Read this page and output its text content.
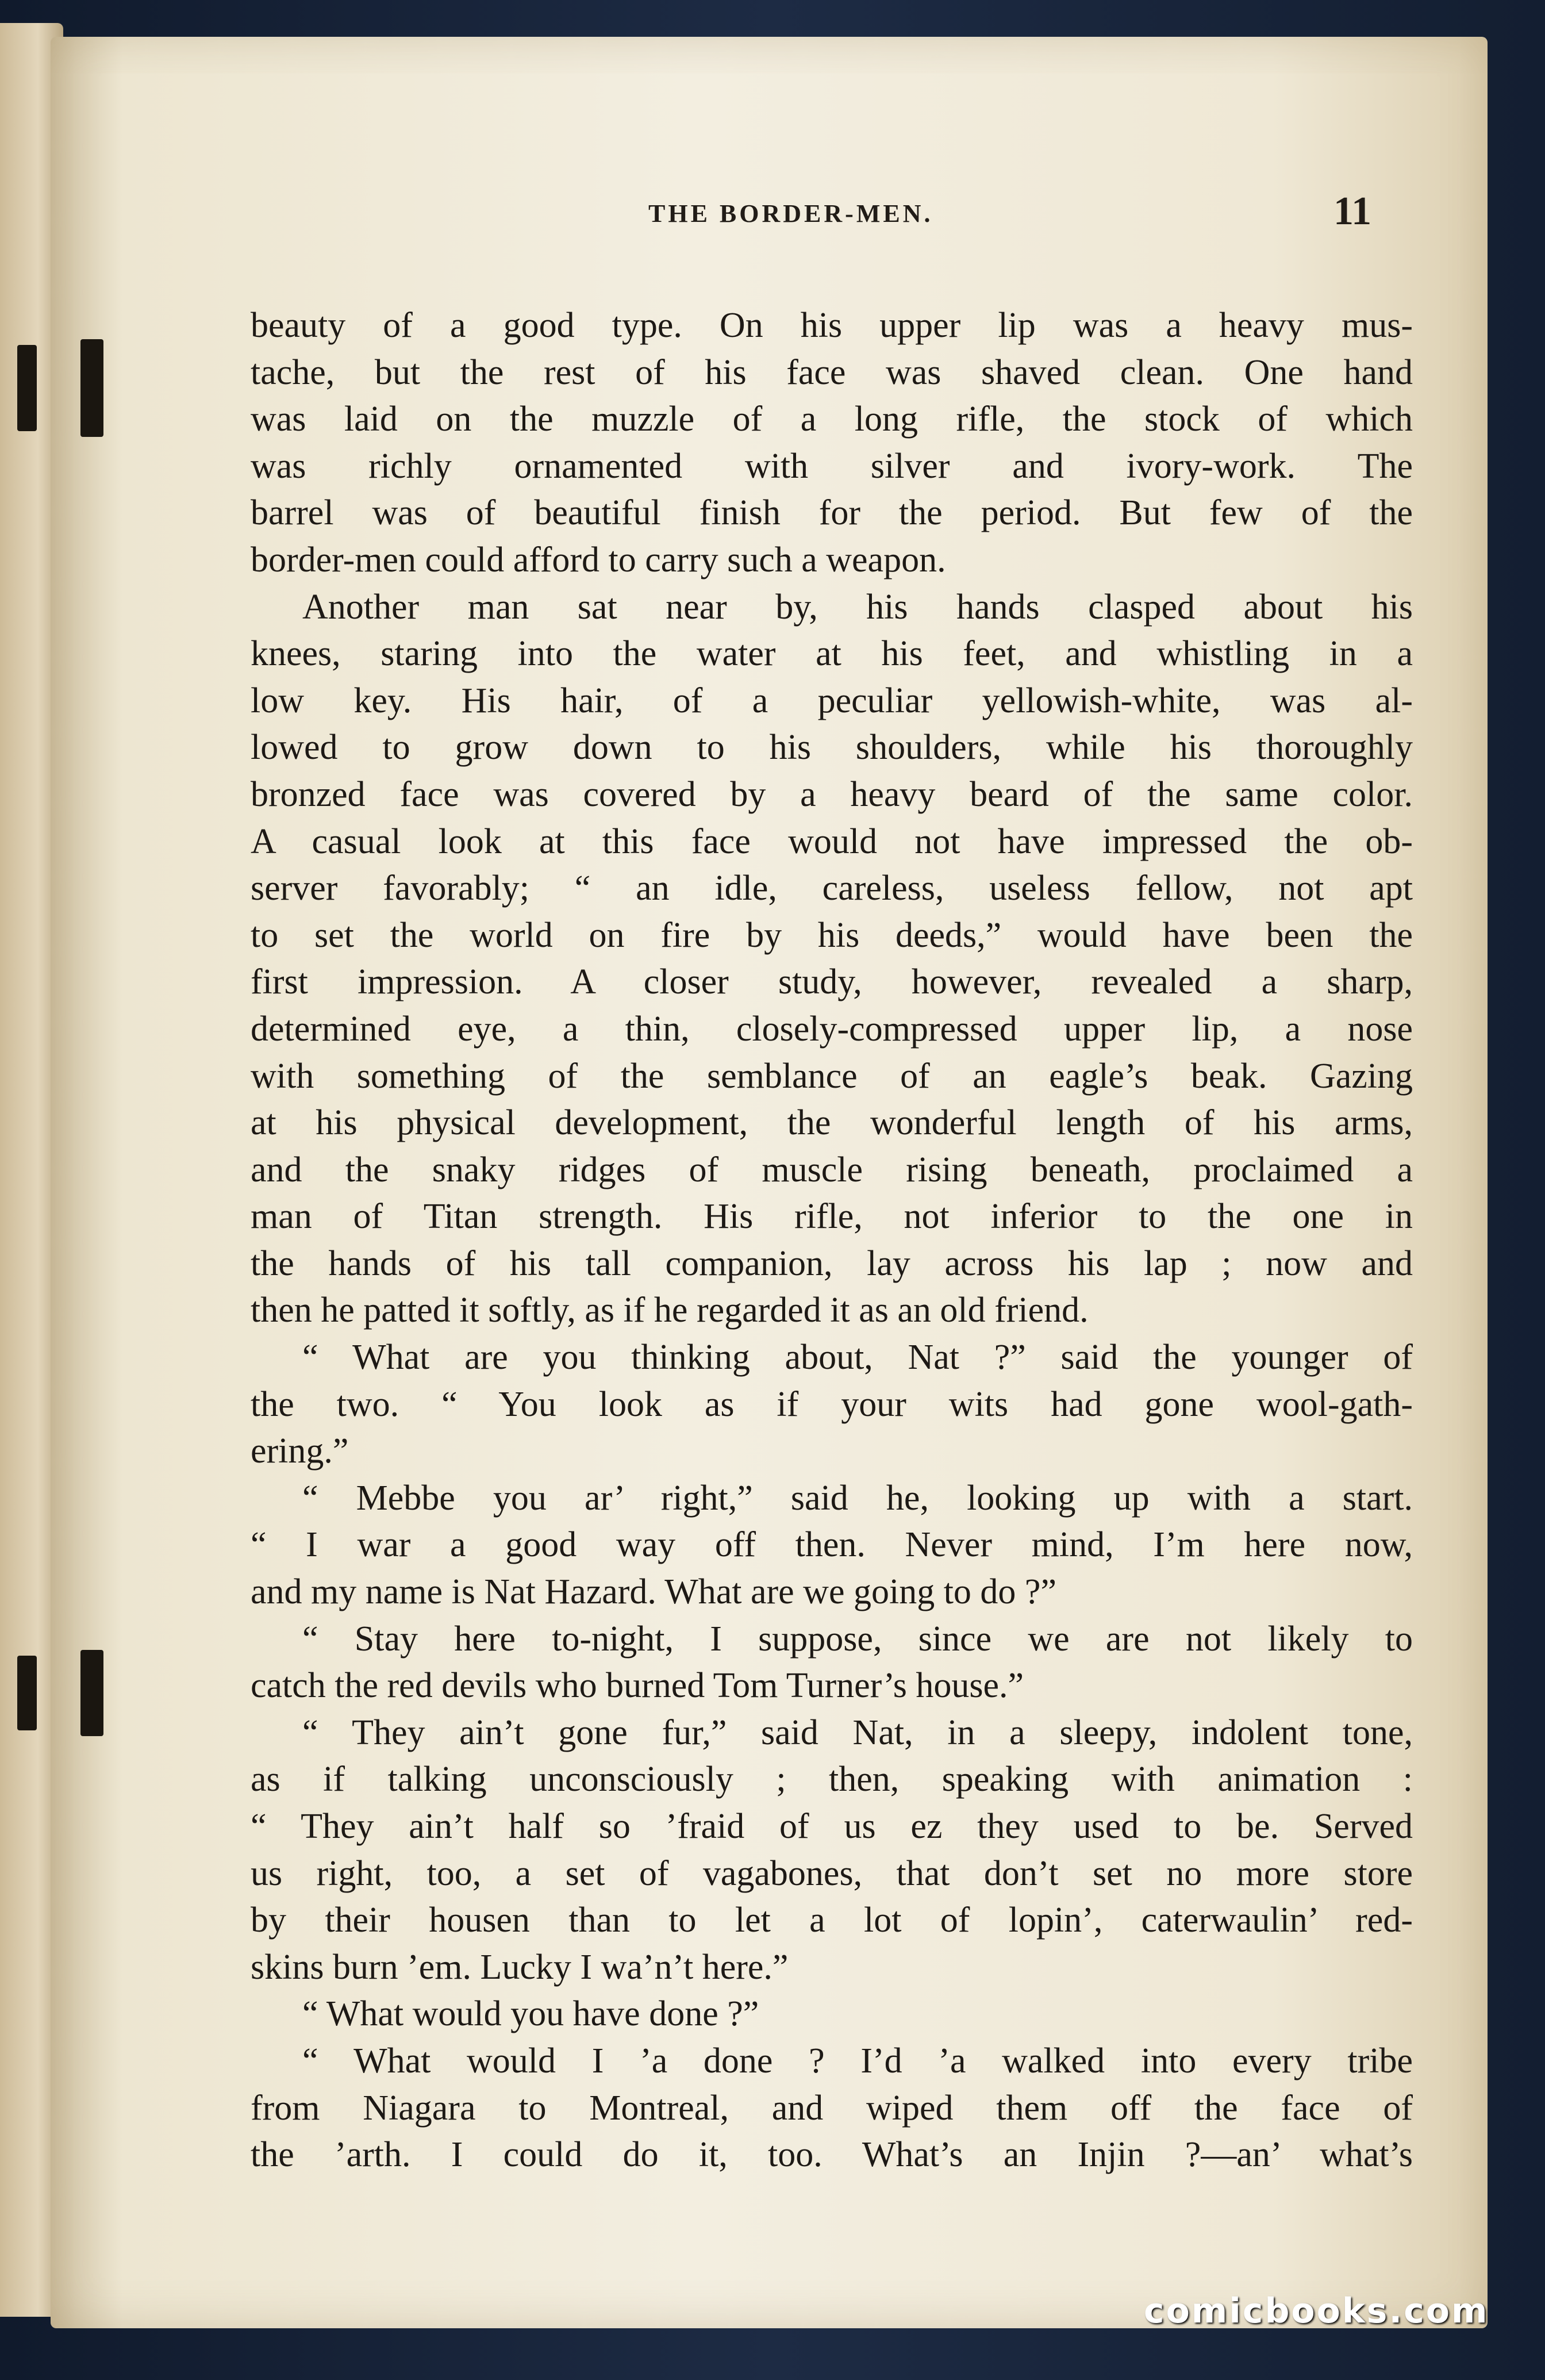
THE BORDER-MEN.	11
beauty of a good type. On his upper lip was a heavy mus-
tache, but the rest of his face was shaved clean. One hand
was laid on the muzzle of a long rifle, the stock of which
was richly ornamented with silver and ivory-work. The
barrel was of beautiful finish for the period. But few of the
border-men could afford to carry such a weapon.
Another man sat near by, his hands clasped about his
knees, staring into the water at his feet, and whistling in a
low key. His hair, of a peculiar yellowish-white, was al-
lowed to grow down to his shoulders, while his thoroughly
bronzed face was covered by a heavy beard of the same color.
A casual look at this face would not have impressed the ob-
server favorably; “ an idle, careless, useless fellow, not apt
to set the world on fire by his deeds,” would have been the
first impression. A closer study, however, revealed a sharp,
determined eye, a thin, closely-compressed upper lip, a nose
with something of the semblance of an eagle’s beak. Gazing
at his physical development, the wonderful length of his arms,
and the snaky ridges of muscle rising beneath, proclaimed a
man of Titan strength. His rifle, not inferior to the one in
the hands of his tall companion, lay across his lap ; now and
then he patted it softly, as if he regarded it as an old friend.
“ What are you thinking about, Nat ?” said the younger of
the two. “ You look as if your wits had gone wool-gath-
ering.”
“ Mebbe you ar’ right,” said he, looking up with a start.
“ I war a good way off then. Never mind, I’m here now,
and my name is Nat Hazard. What are we going to do ?”
“ Stay here to-night, I suppose, since we are not likely to
catch the red devils who burned Tom Turner’s house.”
“ They ain’t gone fur,” said Nat, in a sleepy, indolent tone,
as if talking unconsciously ; then, speaking with animation :
“ They ain’t half so ’fraid of us ez they used to be. Served
us right, too, a set of vagabones, that don’t set no more store
by their housen than to let a lot of lopin’, caterwaulin’ red-
skins burn ’em. Lucky I wa’n’t here.”
“ What would you have done ?”
“ What would I ’a done ? I’d ’a walked into every tribe
from Niagara to Montreal, and wiped them off the face of
the ’arth. I could do it, too. What’s an Injin ?—an’ what’s
comicbooks.com
